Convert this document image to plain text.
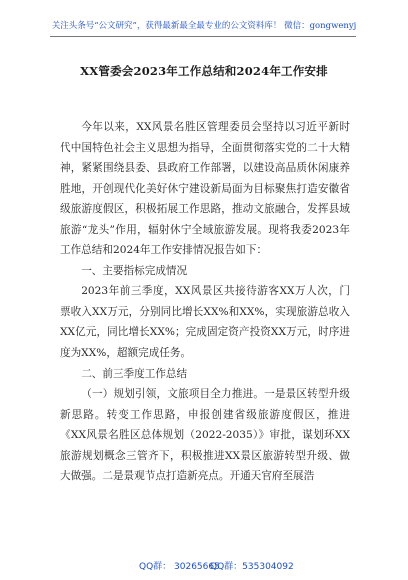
关注头条号“公文研究”，获得最新最全最专业的公文资料库！ 微信：gongwenyj
XX管委会2023年工作总结和2024年工作安排

今年以来，XX风景名胜区管理委员会坚持以习近平新时代中国特色社会主义思想为指导，全面贯彻落实党的二十大精神，紧紧围绕县委、县政府工作部署，以建设高品质休闲康养胜地，开创现代化美好休宁建设新局面为目标聚焦打造安徽省级旅游度假区，积极拓展工作思路，推动文旅融合，发挥县域旅游“龙头”作用，辐射休宁全域旅游发展。现将我委2023年工作总结和2024年工作安排情况报告如下：

一、主要指标完成情况

2023年前三季度，XX风景区共接待游客XX万人次，门票收入XX万元，分别同比增长XX%和XX%，实现旅游总收入XX亿元，同比增长XX%；完成固定资产投资XX万元，时序进度为XX%，超额完成任务。

二、前三季度工作总结

（一）规划引领，文旅项目全力推进。一是景区转型升级新思路。转变工作思路，申报创建省级旅游度假区，推进《XX风景名胜区总体规划（2022-2035）》审批，谋划环XX旅游规划概念三管齐下，积极推进XX景区旅游转型升级、做大做强。二是景观节点打造新亮点。开通天官府至展浩

QQ群： 30265665
QQ群：535304092
